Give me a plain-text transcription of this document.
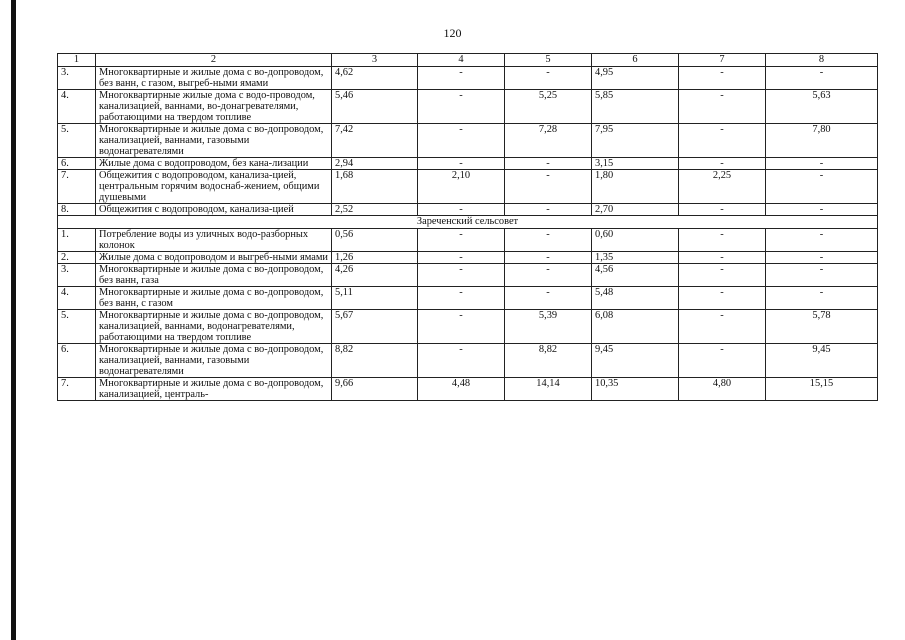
120
1	2	3	4	5	6	7	8
3.	Многоквартирные и жилые дома с во-допроводом, без ванн, с газом, выгреб-ными ямами	4,62	-	-	4,95	-	-
4.	Многоквартирные жилые дома с водо-проводом, канализацией, ваннами, во-донагревателями, работающими на твердом топливе	5,46	-	5,25	5,85	-	5,63
5.	Многоквартирные и жилые дома с во-допроводом, канализацией, ваннами, газовыми водонагревателями	7,42	-	7,28	7,95	-	7,80
6.	Жилые дома с водопроводом, без кана-лизации	2,94	-	-	3,15	-	-
7.	Общежития с водопроводом, канализа-цией, центральным горячим водоснаб-жением, общими душевыми	1,68	2,10	-	1,80	2,25	-
8.	Общежития с водопроводом, канализа-цией	2,52	-	-	2,70	-	-
Зареченский сельсовет							
1.	Потребление воды из уличных водо-разборных колонок	0,56	-	-	0,60	-	-
2.	Жилые дома с водопроводом и выгреб-ными ямами	1,26	-	-	1,35	-	-
3.	Многоквартирные и жилые дома с во-допроводом, без ванн, газа	4,26	-	-	4,56	-	-
4.	Многоквартирные и жилые дома с во-допроводом, без ванн, с газом	5,11	-	-	5,48	-	-
5.	Многоквартирные и жилые дома с во-допроводом, канализацией, ваннами, водонагревателями, работающими на твердом топливе	5,67	-	5,39	6,08	-	5,78
6.	Многоквартирные и жилые дома с во-допроводом, канализацией, ваннами, газовыми водонагревателями	8,82	-	8,82	9,45	-	9,45
7.	Многоквартирные и жилые дома с во-допроводом, канализацией, централь-	9,66	4,48	14,14	10,35	4,80	15,15
